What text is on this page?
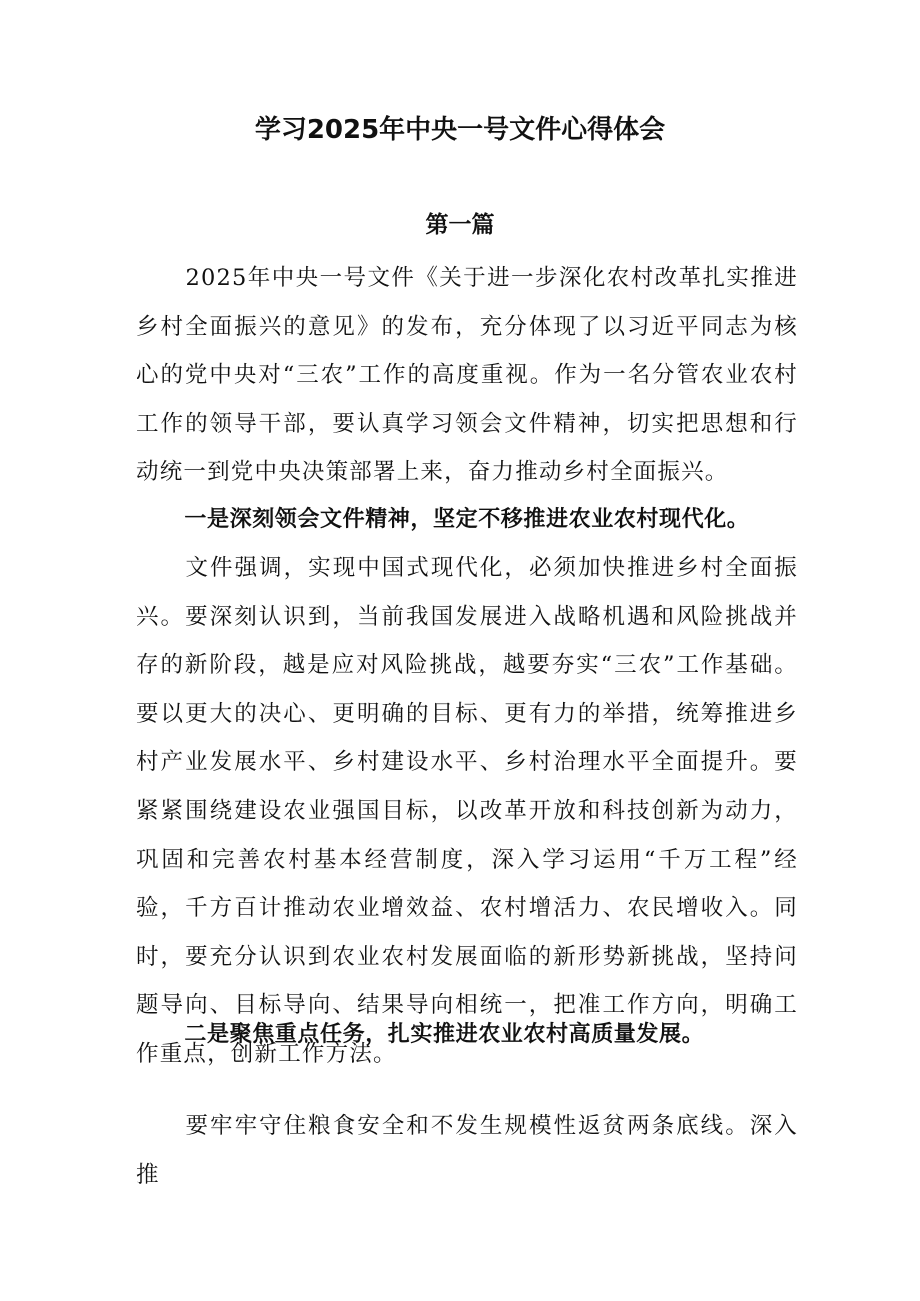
学习2025年中央一号文件心得体会
第一篇

2025年中央一号文件《关于进一步深化农村改革扎实推进乡村全面振兴的意见》的发布，充分体现了以习近平同志为核心的党中央对“三农”工作的高度重视。作为一名分管农业农村工作的领导干部，要认真学习领会文件精神，切实把思想和行动统一到党中央决策部署上来，奋力推动乡村全面振兴。

一是深刻领会文件精神，坚定不移推进农业农村现代化。

文件强调，实现中国式现代化，必须加快推进乡村全面振兴。要深刻认识到，当前我国发展进入战略机遇和风险挑战并存的新阶段，越是应对风险挑战，越要夯实“三农”工作基础。要以更大的决心、更明确的目标、更有力的举措，统筹推进乡村产业发展水平、乡村建设水平、乡村治理水平全面提升。要紧紧围绕建设农业强国目标，以改革开放和科技创新为动力，巩固和完善农村基本经营制度，深入学习运用“千万工程”经验，千方百计推动农业增效益、农村增活力、农民增收入。同时，要充分认识到农业农村发展面临的新形势新挑战，坚持问题导向、目标导向、结果导向相统一，把准工作方向，明确工作重点，创新工作方法。

二是聚焦重点任务，扎实推进农业农村高质量发展。

要牢牢守住粮食安全和不发生规模性返贫两条底线。深入推
